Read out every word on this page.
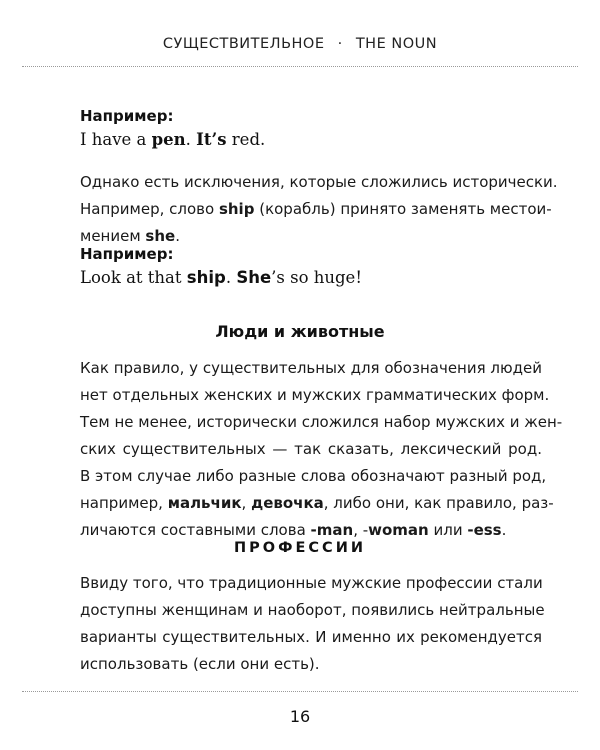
СУЩЕСТВИТЕЛЬНОЕ · THE NOUN
Например:
I have a pen. It’s red.
Однако есть исключения, которые сложились исторически.
Например, слово ship (корабль) принято заменять местои-
мением she.
Например:
Look at that ship. She’s so huge!
Люди и животные
Как правило, у существительных для обозначения людей
нет отдельных женских и мужских грамматических форм.
Тем не менее, исторически сложился набор мужских и жен-
ских существительных — так сказать, лексический род.
В этом случае либо разные слова обозначают разный род,
например, мальчик, девочка, либо они, как правило, раз-
личаются составными слова -man, -woman или -ess.
ПРОФЕССИИ
Ввиду того, что традиционные мужские профессии стали
доступны женщинам и наоборот, появились нейтральные
варианты существительных. И именно их рекомендуется
использовать (если они есть).
16
